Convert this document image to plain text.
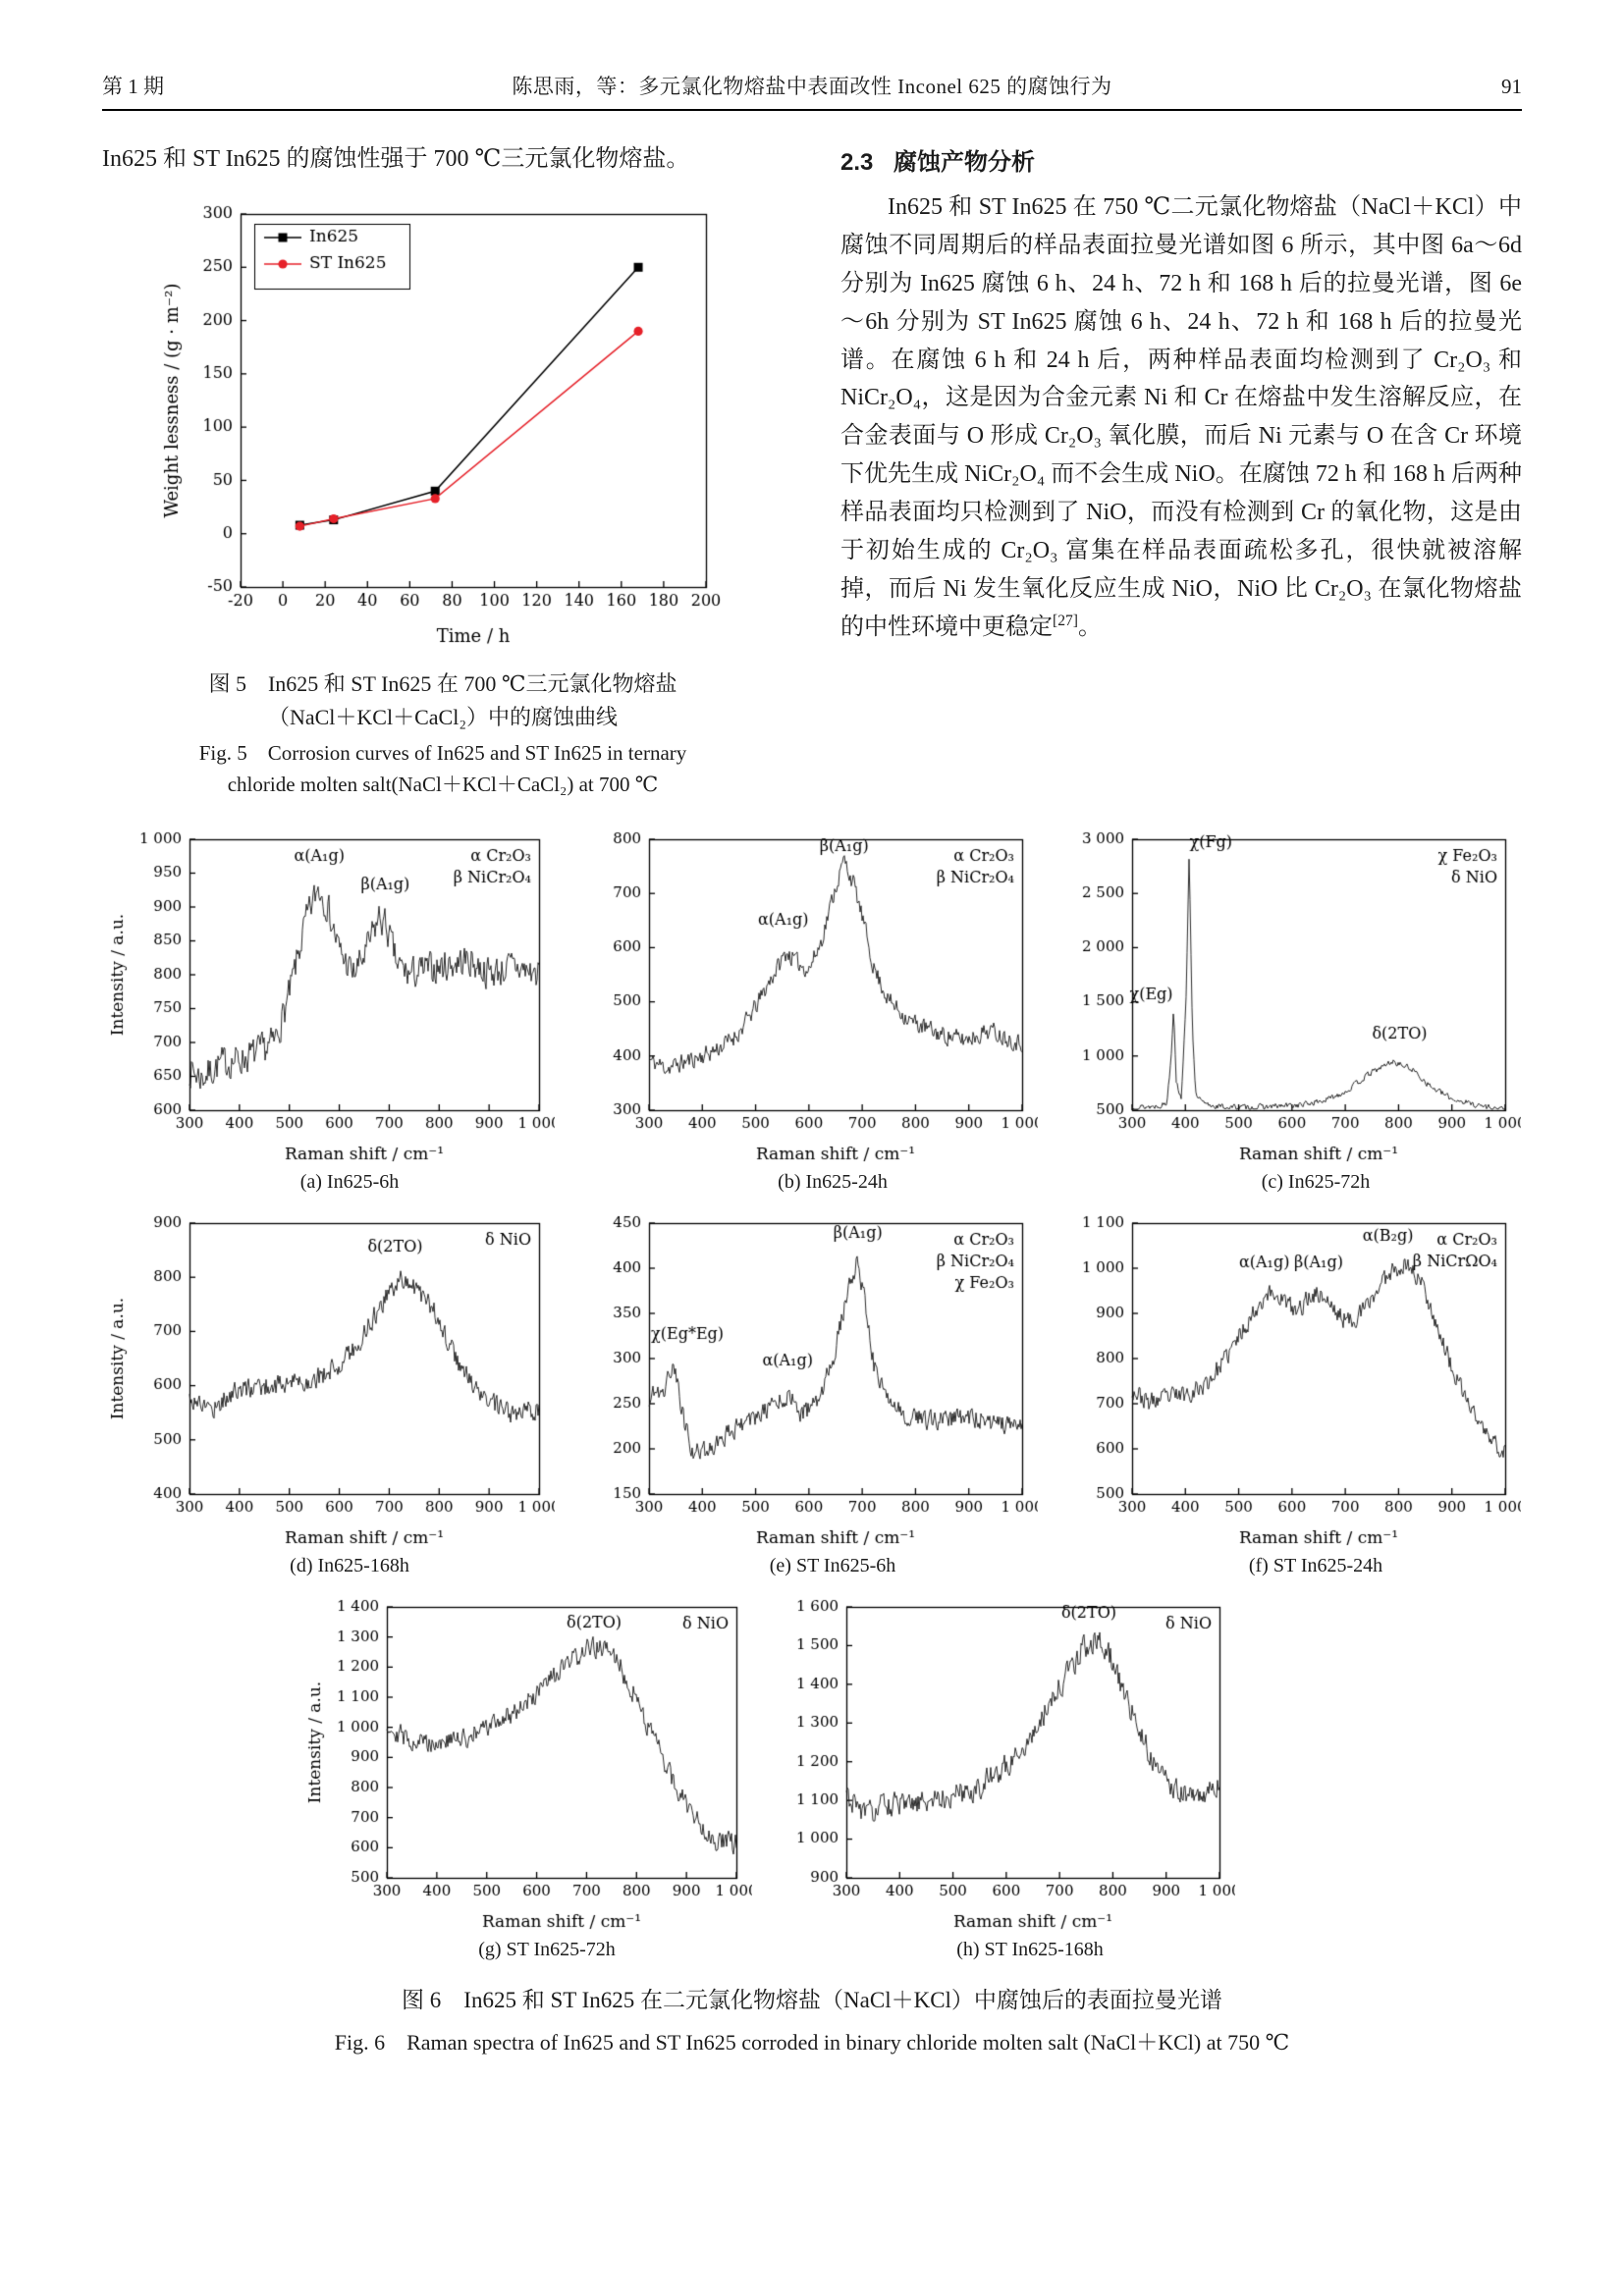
第 1 期	陈思雨，等：多元氯化物熔盐中表面改性 Inconel 625 的腐蚀行为	91

In625 和 ST In625 的腐蚀性强于 700 ℃三元氯化物熔盐。

图 5　In625 和 ST In625 在 700 ℃三元氯化物熔盐
（NaCl＋KCl＋CaCl₂）中的腐蚀曲线
Fig. 5　Corrosion curves of In625 and ST In625 in ternary
chloride molten salt(NaCl＋KCl＋CaCl₂) at 700 ℃
2.3 腐蚀产物分析

In625 和 ST In625 在 750 ℃二元氯化物熔盐（NaCl＋KCl）中腐蚀不同周期后的样品表面拉曼光谱如图 6 所示，其中图 6a～6d 分别为 In625 腐蚀 6 h、24 h、72 h 和 168 h 后的拉曼光谱，图 6e～6h 分别为 ST In625 腐蚀 6 h、24 h、72 h 和 168 h 后的拉曼光谱。在腐蚀 6 h 和 24 h 后，两种样品表面均检测到了 Cr₂O₃ 和 NiCr₂O₄，这是因为合金元素 Ni 和 Cr 在熔盐中发生溶解反应，在合金表面与 O 形成 Cr₂O₃ 氧化膜，而后 Ni 元素与 O 在含 Cr 环境下优先生成 NiCr₂O₄ 而不会生成 NiO。在腐蚀 72 h 和 168 h 后两种样品表面均只检测到了 NiO，而没有检测到 Cr 的氧化物，这是由于初始生成的 Cr₂O₃ 富集在样品表面疏松多孔，很快就被溶解掉，而后 Ni 发生氧化反应生成 NiO，NiO 比 Cr₂O₃ 在氯化物熔盐的中性环境中更稳定[27]。

(a) In625-6h	(b) In625-24h	(c) In625-72h
(d) In625-168h	(e) ST In625-6h	(f) ST In625-24h
(g) ST In625-72h	(h) ST In625-168h
图 6　In625 和 ST In625 在二元氯化物熔盐（NaCl＋KCl）中腐蚀后的表面拉曼光谱
Fig. 6　Raman spectra of In625 and ST In625 corroded in binary chloride molten salt (NaCl＋KCl) at 750 ℃
